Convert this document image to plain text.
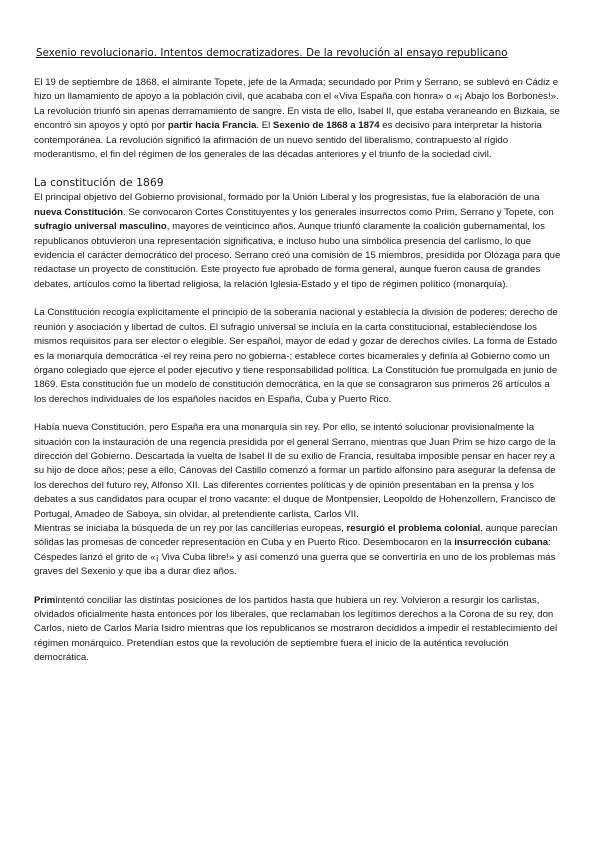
Sexenio revolucionario. Intentos democratizadores. De la revolución al ensayo republicano

El 19 de septiembre de 1868, el almirante Topete, jefe de la Armada; secundado por Prim y Serrano, se sublevó en Cádiz e hizo un llamamiento de apoyo a la población civil, que acababa con el «Viva España con honra» o «¡ Abajo los Borbones!». La revolución triunfó sin apenas derramamiento de sangre. En vista de ello, Isabel II, que estaba veraneando en Bizkaia, se encontró sin apoyos y optó por partir hacia Francia. El Sexenio de 1868 a 1874 es decisivo para interpretar la historia contemporánea. La revolución significó la afirmación de un nuevo sentido del liberalismo, contrapuesto al rígido moderantismo, el fin del régimen de los generales de las décadas anteriores y el triunfo de la sociedad civil.

La constitución de 1869

El principal objetivo del Gobierno provisional, formado por la Unión Liberal y los progresistas, fue la elaboración de una nueva Constitución. Se convocaron Cortes Constituyentes y los generales insurrectos como Prim, Serrano y Topete, con sufragio universal masculino, mayores de veinticinco años. Aunque triunfó claramente la coalición gubernamental, los republicanos obtuvieron una representación significativa, e incluso hubo una simbólica presencia del carlismo, lo que evidencia el carácter democrático del proceso. Serrano creó una comisión de 15 miembros, presidida por Olózaga para que redactase un proyecto de constitución. Este proyecto fue aprobado de forma general, aunque fueron causa de grandes debates, artículos como la libertad religiosa, la relación Iglesia-Estado y el tipo de régimen político (monarquía).

La Constitución recogía explícitamente el principio de la soberanía nacional y establecía la división de poderes; derecho de reunión y asociación y libertad de cultos. El sufragio universal se incluía en la carta constitucional, estableciéndose los mismos requisitos para ser elector o elegible. Ser español, mayor de edad y gozar de derechos civiles. La forma de Estado es la monarquía democrática -el rey reina pero no gobierna-; establece cortes bicamerales y definía al Gobierno como un órgano colegiado que ejerce el poder ejecutivo y tiene responsabilidad política. La Constitución fue promulgada en junio de 1869. Esta constitución fue un modelo de constitución democrática, en la que se consagraron sus primeros 26 artículos a los derechos individuales de los españoles nacidos en España, Cuba y Puerto Rico.

Había nueva Constitución, pero España era una monarquía sin rey. Por ello, se intentó solucionar provisionalmente la situación con la instauración de una regencia presidida por el general Serrano, mientras que Juan Prim se hizo cargo de la dirección del Gobierno. Descartada la vuelta de Isabel II de su exilio de Francia, resultaba imposible pensar en hacer rey a su hijo de doce años; pese a ello, Cánovas del Castillo comenzó a formar un partido alfonsino para asegurar la defensa de los derechos del futuro rey, Alfonso XII. Las diferentes corrientes políticas y de opinión presentaban en la prensa y los debates a sus candidatos para ocupar el trono vacante: el duque de Montpensier, Leopoldo de Hohenzollern, Francisco de Portugal, Amadeo de Saboya, sin olvidar, al pretendiente carlista, Carlos VII.

Mientras se iniciaba la búsqueda de un rey por las cancillerías europeas, resurgió el problema colonial, aunque parecían sólidas las promesas de conceder representación en Cuba y en Puerto Rico. Desembocaron en la insurrección cubana: Céspedes lanzó el grito de «¡ Viva Cuba libre!» y así comenzó una guerra que se convertiría en uno de los problemas más graves del Sexenio y que iba a durar diez años.

Primintentó conciliar las distintas posiciones de los partidos hasta que hubiera un rey. Volvieron a resurgir los carlistas, olvidados oficialmente hasta entonces por los liberales, que reclamaban los legítimos derechos a la Corona de su rey, don Carlos, nieto de Carlos María Isidro mientras que los republicanos se mostraron decididos a impedir el restablecimiento del régimen monárquico. Pretendían estos que la revolución de septiembre fuera el inicio de la auténtica revolución democrática.
